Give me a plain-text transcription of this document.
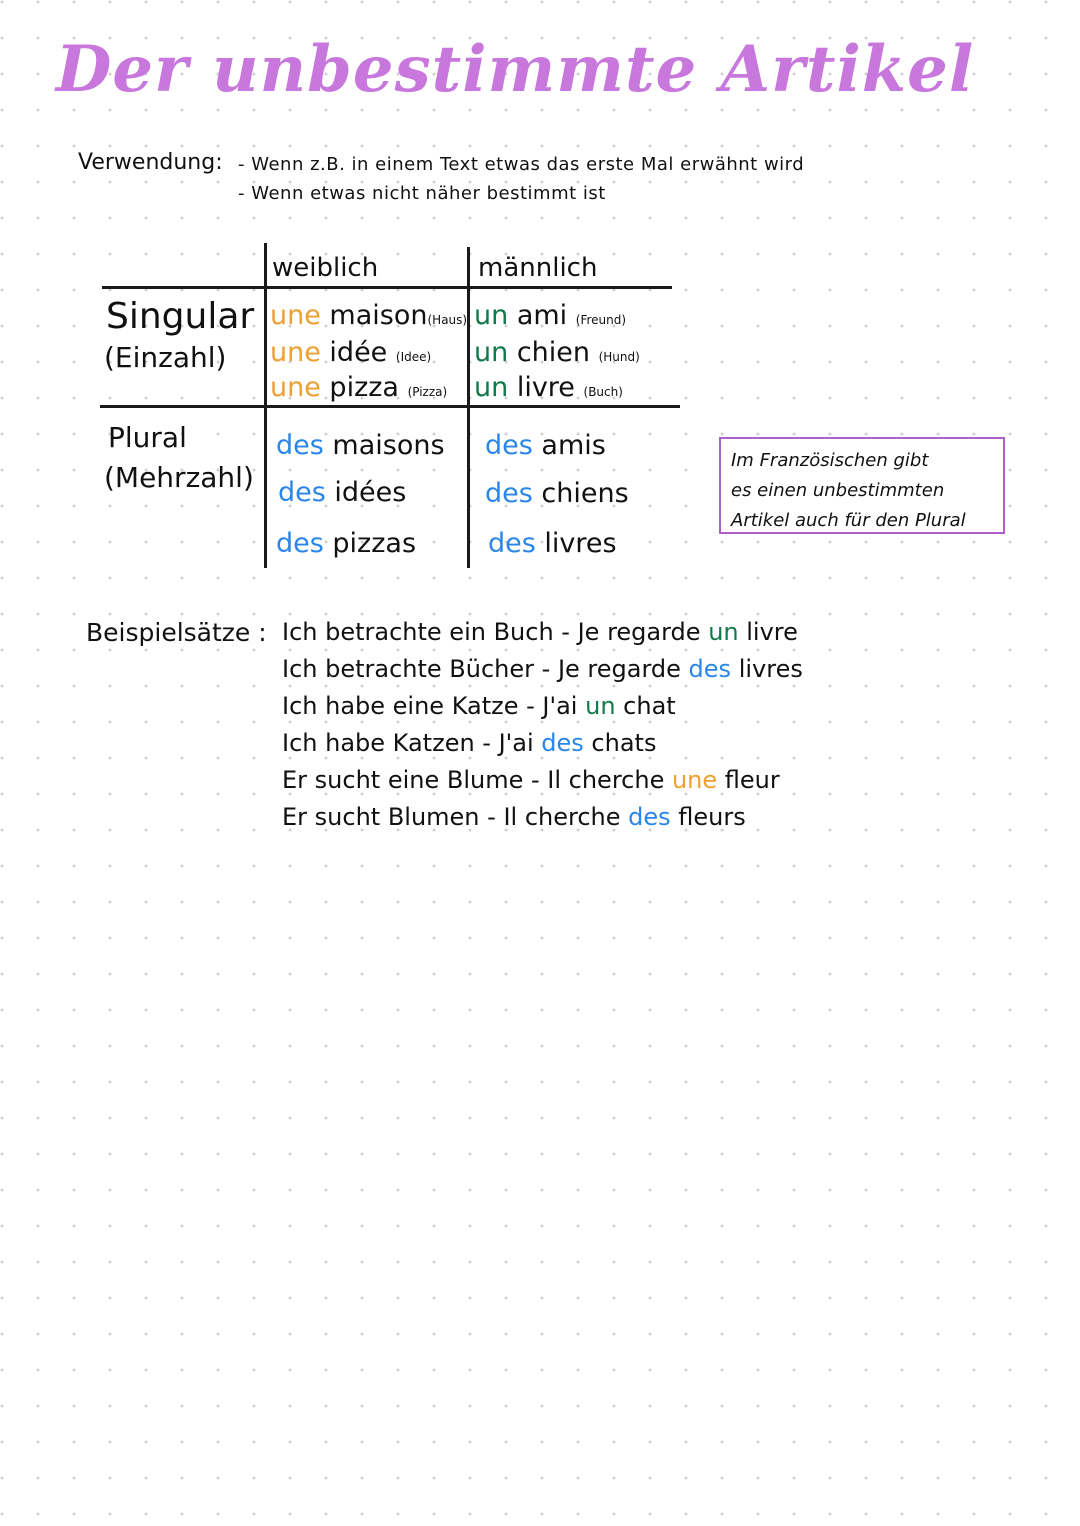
Der unbestimmte Artikel
Verwendung: - Wenn z.B. in einem Text etwas das erste Mal erwähnt wird
- Wenn etwas nicht näher bestimmt ist
weiblich	männlich
Singular
(Einzahl)
Plural
(Mehrzahl)
une maison(Haus)
une idée (Idee)
une pizza (Pizza)
un ami (Freund)
un chien (Hund)
un livre (Buch)
des maisons
des idées
des pizzas
des amis
des chiens
des livres
Im Französischen gibt
es einen unbestimmten
Artikel auch für den Plural
Beispielsätze : Ich betrachte ein Buch - Je regarde un livre
Ich betrachte Bücher - Je regarde des livres
Ich habe eine Katze - J'ai un chat
Ich habe Katzen - J'ai des chats
Er sucht eine Blume - Il cherche une fleur
Er sucht Blumen - Il cherche des fleurs
